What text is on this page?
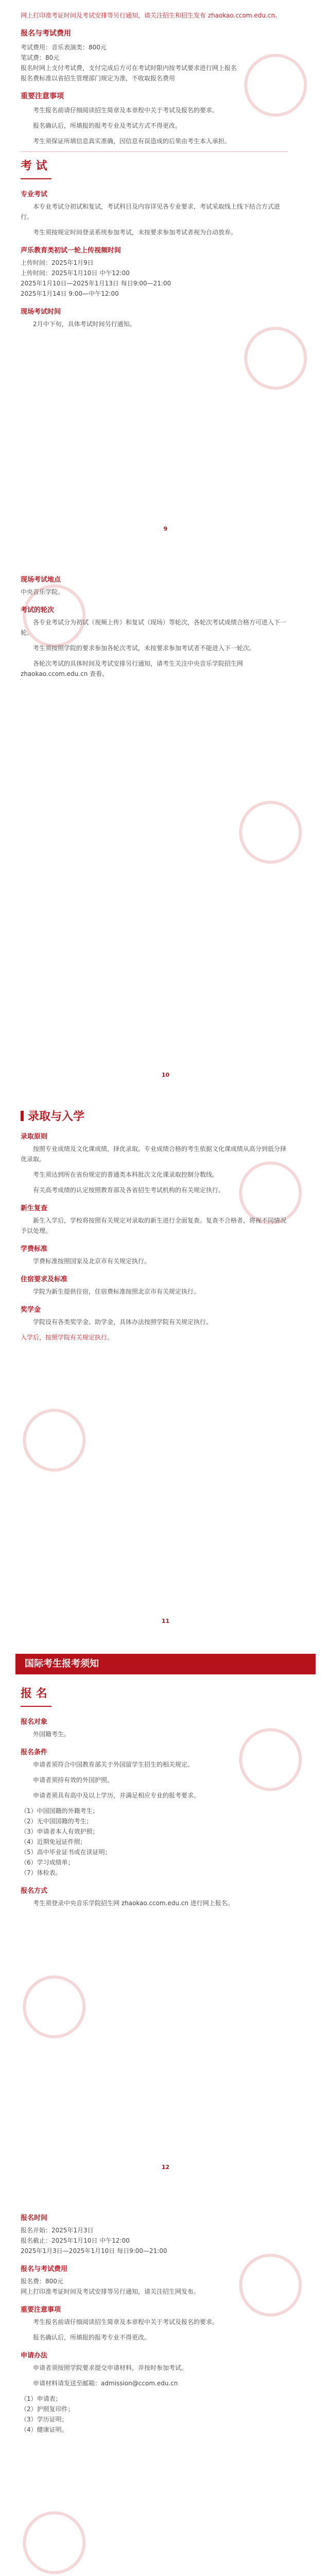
网上打印准考证时间及考试安排等另行通知，请关注招生和招生发布 zhaokao.ccom.edu.cn。

报名与考试费用

考试费用：音乐表演类：800元

笔试费：80元

报名时网上支付考试费，支付完成后方可在考试时限内按考试要求进行网上报名

报名费标准以省招生管理部门规定为准，不收取报名费用

重要注意事项

考生报名前请仔细阅读招生简章及本章程中关于考试及报名的要求。

报名确认后，所填报的报考专业及考试方式不得更改。

考生须保证所填信息真实准确，因信息有误造成的后果由考生本人承担。

考 试
专业考试

本专业考试分初试和复试，考试科目及内容详见各专业要求，考试采取线上线下结合方式进行。

考生须按规定时间登录系统参加考试，未按要求参加考试者视为自动放弃。

声乐教育类初试一轮上传视频时间

上传时间：2025年1月9日

上传时间：2025年1月10日 中午12:00

2025年1月10日—2025年1月13日 每日9:00—21:00

2025年1月14日 9:00—中午12:00

现场考试时间

2月中下旬，具体考试时间另行通知。

9
现场考试地点

中央音乐学院。

考试的轮次

各专业考试分为初试（视频上传）和复试（现场）等轮次，各轮次考试成绩合格方可进入下一轮。

考生须按照学院的要求参加各轮次考试，未按要求参加考试者不能进入下一轮次。

各轮次考试的具体时间及考试安排另行通知，请考生关注中央音乐学院招生网 zhaokao.ccom.edu.cn 查看。

10
录取与入学
录取原则

按照专业成绩及文化课成绩，择优录取。专业成绩合格的考生依据文化课成绩从高分到低分择优录取。

考生须达到所在省份规定的普通类本科批次文化课录取控制分数线。

有关高考成绩的认定按照教育部及各省招生考试机构的有关规定执行。

新生复查

新生入学后，学校将按照有关规定对录取的新生进行全面复查。复查不合格者，将视不同情况予以处理。

学费标准

学费标准按照国家及北京市有关规定执行。

住宿要求及标准

学院为新生提供住宿，住宿费标准按照北京市有关规定执行。

奖学金

学院设有各类奖学金、助学金，具体办法按照学院有关规定执行。

入学后，按照学院有关规定执行。

11
国际考生报考须知
报 名
报名对象

外国籍考生。

报名条件

申请者须符合中国教育部关于外国留学生招生的相关规定。

申请者须持有效的外国护照。

申请者须具有高中及以上学历，并满足相应专业的报考要求。

（1）中国国籍的外籍考生；

（2）无中国国籍的考生；

（3）申请者本人有效护照；

（4）近期免冠证件照；

（5）高中毕业证书或在读证明；

（6）学习成绩单；

（7）体检表。

报名方式

考生须登录中央音乐学院招生网 zhaokao.ccom.edu.cn 进行网上报名。

12
报名时间

报名开始：2025年1月3日

报名截止：2025年1月10日 中午12:00

2025年1月3日—2025年1月10日 每日9:00—21:00

报名与考试费用

报名费：800元

网上打印准考证时间及考试安排等另行通知，请关注招生网发布。

重要注意事项

考生报名前请仔细阅读招生简章及本章程中关于考试及报名的要求。

报名确认后，所填报的报考专业不得更改。

申请办法

申请者须按照学院要求提交申请材料，并按时参加考试。

申请材料请发送至邮箱：admission@ccom.edu.cn

（1）申请表；

（2）护照复印件；

（3）学历证明；

（4）健康证明。
